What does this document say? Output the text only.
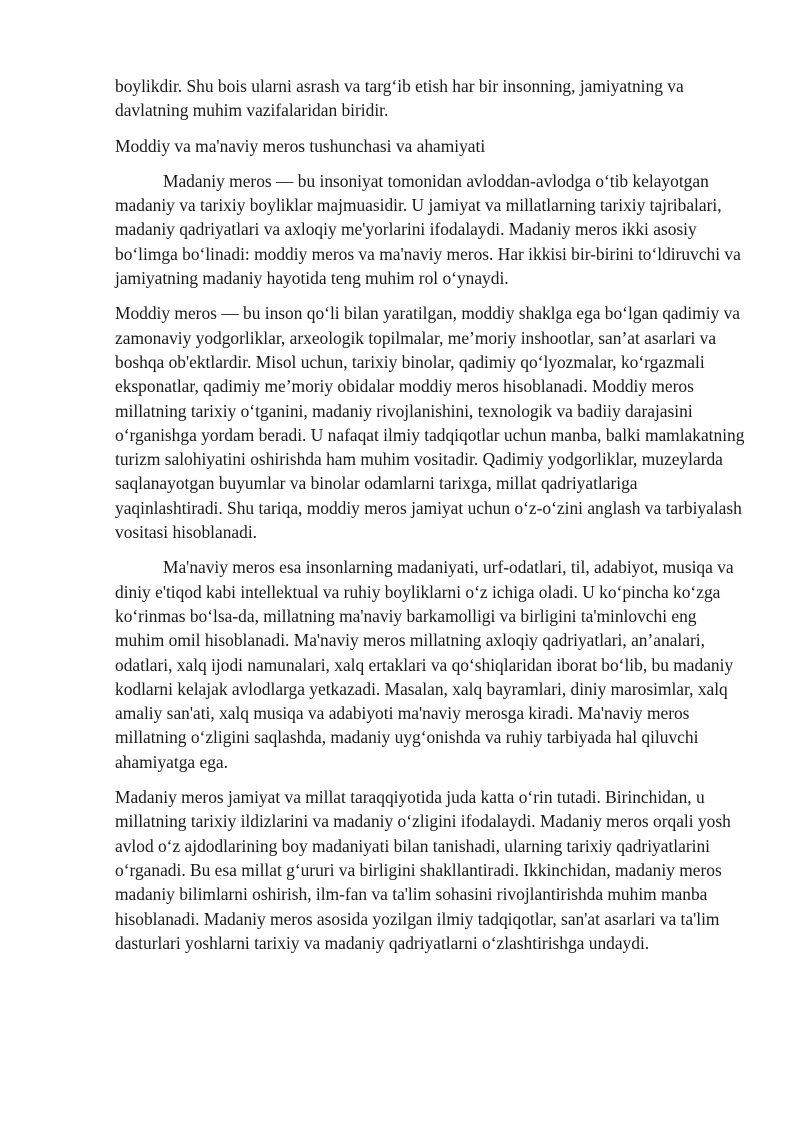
boylikdir. Shu bois ularni asrash va targ‘ib etish har bir insonning, jamiyatning va davlatning muhim vazifalaridan biridir.

Moddiy va ma'naviy meros tushunchasi va ahamiyati

Madaniy meros — bu insoniyat tomonidan avloddan-avlodga o‘tib kelayotgan madaniy va tarixiy boyliklar majmuasidir. U jamiyat va millatlarning tarixiy tajribalari, madaniy qadriyatlari va axloqiy me'yorlarini ifodalaydi. Madaniy meros ikki asosiy bo‘limga bo‘linadi: moddiy meros va ma'naviy meros. Har ikkisi bir-birini to‘ldiruvchi va jamiyatning madaniy hayotida teng muhim rol o‘ynaydi.

Moddiy meros — bu inson qo‘li bilan yaratilgan, moddiy shaklga ega bo‘lgan qadimiy va zamonaviy yodgorliklar, arxeologik topilmalar, me’moriy inshootlar, san’at asarlari va boshqa ob'ektlardir. Misol uchun, tarixiy binolar, qadimiy qo‘lyozmalar, ko‘rgazmali eksponatlar, qadimiy me’moriy obidalar moddiy meros hisoblanadi. Moddiy meros millatning tarixiy o‘tganini, madaniy rivojlanishini, texnologik va badiiy darajasini o‘rganishga yordam beradi. U nafaqat ilmiy tadqiqotlar uchun manba, balki mamlakatning turizm salohiyatini oshirishda ham muhim vositadir. Qadimiy yodgorliklar, muzeylarda saqlanayotgan buyumlar va binolar odamlarni tarixga, millat qadriyatlariga yaqinlashtiradi. Shu tariqa, moddiy meros jamiyat uchun o‘z-o‘zini anglash va tarbiyalash vositasi hisoblanadi.

Ma'naviy meros esa insonlarning madaniyati, urf-odatlari, til, adabiyot, musiqa va diniy e'tiqod kabi intellektual va ruhiy boyliklarni o‘z ichiga oladi. U ko‘pincha ko‘zga ko‘rinmas bo‘lsa-da, millatning ma'naviy barkamolligi va birligini ta'minlovchi eng muhim omil hisoblanadi. Ma'naviy meros millatning axloqiy qadriyatlari, an’analari, odatlari, xalq ijodi namunalari, xalq ertaklari va qo‘shiqlaridan iborat bo‘lib, bu madaniy kodlarni kelajak avlodlarga yetkazadi. Masalan, xalq bayramlari, diniy marosimlar, xalq amaliy san'ati, xalq musiqa va adabiyoti ma'naviy merosga kiradi. Ma'naviy meros millatning o‘zligini saqlashda, madaniy uyg‘onishda va ruhiy tarbiyada hal qiluvchi ahamiyatga ega.

Madaniy meros jamiyat va millat taraqqiyotida juda katta o‘rin tutadi. Birinchidan, u millatning tarixiy ildizlarini va madaniy o‘zligini ifodalaydi. Madaniy meros orqali yosh avlod o‘z ajdodlarining boy madaniyati bilan tanishadi, ularning tarixiy qadriyatlarini o‘rganadi. Bu esa millat g‘ururi va birligini shakllantiradi. Ikkinchidan, madaniy meros madaniy bilimlarni oshirish, ilm-fan va ta'lim sohasini rivojlantirishda muhim manba hisoblanadi. Madaniy meros asosida yozilgan ilmiy tadqiqotlar, san'at asarlari va ta'lim dasturlari yoshlarni tarixiy va madaniy qadriyatlarni o‘zlashtirishga undaydi.
